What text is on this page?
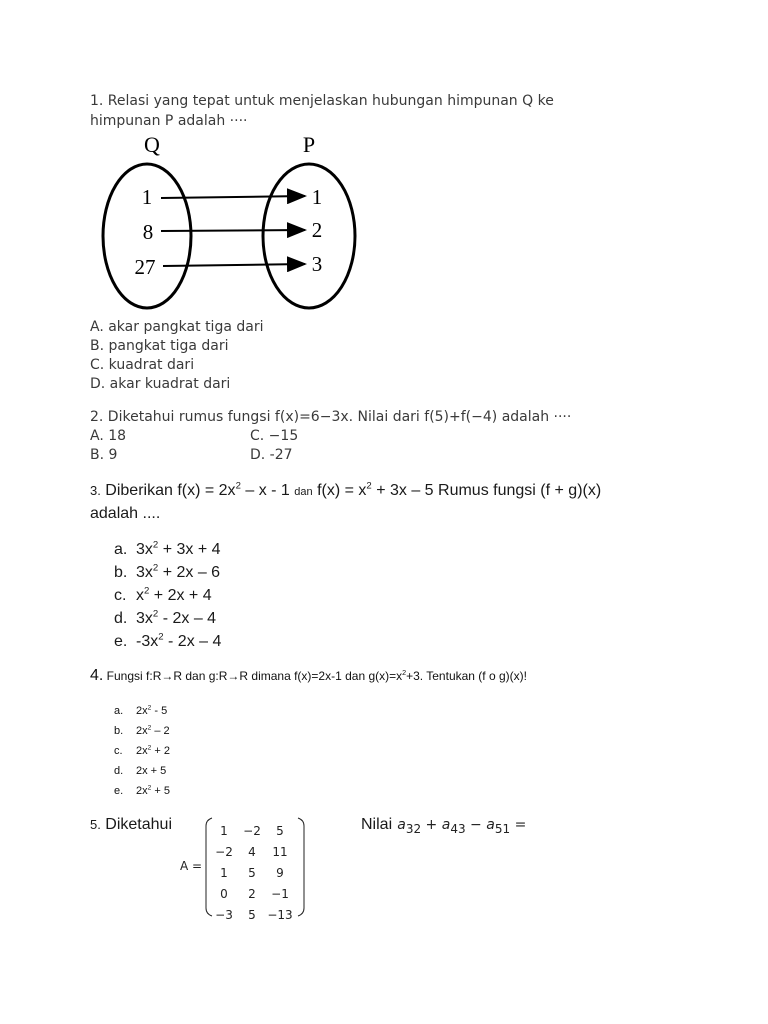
1. Relasi yang tepat untuk menjelaskan hubungan himpunan Q ke
himpunan P adalah ····
Q	P
1
8
27
1
2
3
A. akar pangkat tiga dari
B. pangkat tiga dari
C. kuadrat dari
D. akar kuadrat dari
2. Diketahui rumus fungsi f(x)=6−3x. Nilai dari f(5)+f(−4) adalah ····
A. 18	C. −15
B. 9	D. -27
3. Diberikan $f(x) = 2x^2 - x - 1$ dan $f(x) = x^2 + 3x - 5$ Rumus fungsi (f + g)(x)
adalah ....
a. $3x^2 + 3x + 4$
b. $3x^2 + 2x - 6$
c. $x^2 + 2x + 4$
d. $3x^2 - 2x - 4$
e. $-3x^2 - 2x - 4$
4. Fungsi f:R→R dan g:R→R dimana f(x)=2x-1 dan $g(x)=x^2+3$. Tentukan (f o g)(x)!
a. $2x^2 - 5$
b. $2x^2 - 2$
c. $2x^2 + 2$
d. 2x + 5
e. $2x^2 + 5$
5. Diketahui
A =
1 −2 5
−2 4 11
1 5 9
0 2 −1
−3 5 −13
Nilai $a_{32} + a_{43} - a_{51}$ =
